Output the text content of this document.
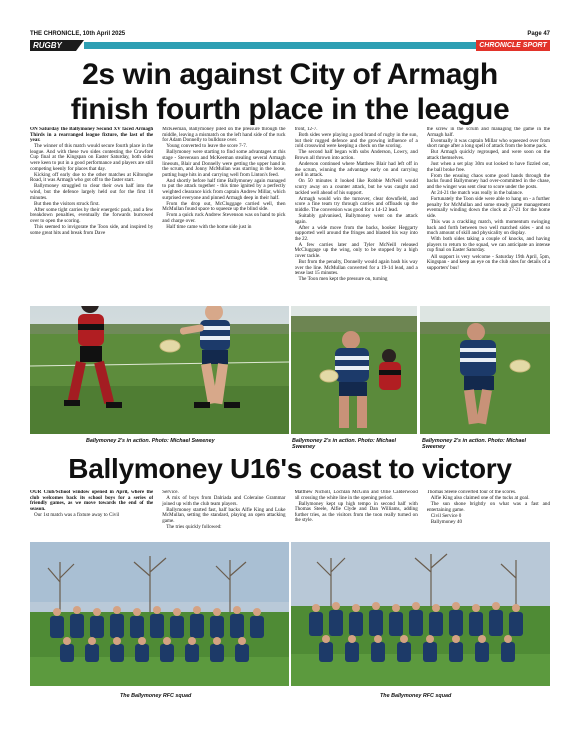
THE CHRONICLE, 10th April 2025	Page 47
RUGBY	CHRONICLE SPORT
2s win against City of Armagh
finish fourth place in the league

ON Saturday the Ballymoney Second XV faced Armagh Thirds in a rearranged league fixture, the last of the year.

The winner of this match would secure fourth place in the league. And with these two sides contesting the Crawford Cup final at the Kingspan on Easter Saturday, both sides were keen to put in a good performance and players are still competing keenly for places that day.

Kicking off early due to the other matches at Kiltonghe Road, it was Armagh who got off to the faster start.

Ballymoney struggled to clear their own half into the wind, but the defence largely held out for the first 10 minutes.

But then the visitors struck first.

After some tight carries by their energetic pack, and a few breakdown penalties, eventually the forwards burrowed over to open the scoring.

This seemed to invigorate the Toon side, and inspired by some great hits and break from Dave

McKeeman, Ballymoney piled on the pressure through the middle, leaving a mismatch on the left hand side of the ruck for Adam Donnelly to bulldoze over.

Young converted to leave the score 7-7.

Ballymoney were starting to find some advantages at this stage - Stevenson and McKeeman stealing several Armagh lineouts, Blair and Donnelly were getting the upper hand in the scrum, and Jonny McMullan was starring in the loose, putting huge hits in and carrying well from Linton's feed.

And shortly before half time Ballymoney again managed to put the attack together - this time ignited by a perfectly weighted clearance kick from captain Andrew Millar, which surprised everyone and pinned Armagh deep in their half.

From the drop out, McCluggage carried well, then McMullan found space to squeeze up the blind side.

From a quick ruck Andrew Stevenson was on hand to pick and charge over.

Half time came with the home side just in

front, 12-7.

Both sides were playing a good brand of rugby in the sun, but their rugged defence and the growing influence of a cold crosswind were keeping a check on the scoring.

The second half began with subs Anderson, Lowry, and Brown all thrown into action.

Anderson continued where Matthew Blair had left off in the scrum, winning the advantage early on and carrying well in attack.

On 50 minutes it looked like Robbie McNeill would scurry away on a counter attack, but he was caught and tackled well ahead of his support.

Armagh would win the turnover, clear downfield, and score a fine team try through carries and offloads up the middle. The conversion was good for a 14-12 lead.

Suitably galvanised, Ballymoney went on the attack again.

After a wide move from the backs, hooker Heggarty supported well around the fringes and blasted his way into the 22.

A few carries later and Tyler McNeill released McCluggage up the wing, only to be stopped by a high cover tackle.

But from the penalty, Donnelly would again bash his way over the line. McMullan converted for a 19-14 lead, and a tense last 15 minutes.

The Toon men kept the pressure on, turning

the screw in the scrum and managing the game in the Armagh half.

Eventually it was captain Millar who squeezed over from short range after a long spell of attack from the home pack.

But Armagh quickly regrouped, and were soon on the attack themselves.

Just when a set play 30m out looked to have fizzled out, the ball broke free.

From the ensuing chaos some good hands through the backs found Ballymoney had over-committed in the chase, and the winger was sent clear to score under the posts.

At 24-21 the match was really in the balance.

Fortunately the Toon side were able to hang on - a further penalty for McMullan and some steady game management eventually winding down the clock at 27-21 for the home side.

This was a crackling match, with momentum swinging back and forth between two well matched sides - and so much amount of skill and physicality on display.

With both sides taking a couple of knocks, and having players to return to the squad, we can anticipate an intense cup final on Easter Saturday.

All support is very welcome - Saturday 19th April, 5pm, Kingspan - and keep an eye on the club sites for details of a supporters' bus!

Ballymoney 2's in action. Photo: Michael Sweeney	Ballymoney 2's in action. Photo: Michael Sweeney
Ballymoney 2's in action. Photo: Michael Sweeney
Ballymoney U16's coast to victory

OUR Club/School window opened in April, where the club welcomes back its school boys for a series of friendly games, as we move towards the end of the season.

Our 1st match was a fixture away to Civil

Service.

A mix of boys from Dalriada and Coleraine Grammar joined up with the club team players.

Ballymoney started fast, half backs Alfie King and Luke McMullan, setting the standard, playing an open attacking game.

The tries quickly followed:

Matthew Nicholl, Lochlan McGinn and Ollie Calderwood all crossing the white line in the opening period.

Ballymoney kept up high tempo in second half with Thomas Steele, Alfie Clyde and Dan Williams, adding further tries, as the visitors from the toon really turned on the style.

Thomas Steele converted four of the scores.

Alfie King also claimed one of the tucks at goal.

The sun shone brightly on what was a fast and entertaining game.

Civil Service 0

Ballymoney 40

The Ballymoney RFC squad	The Ballymoney RFC squad
